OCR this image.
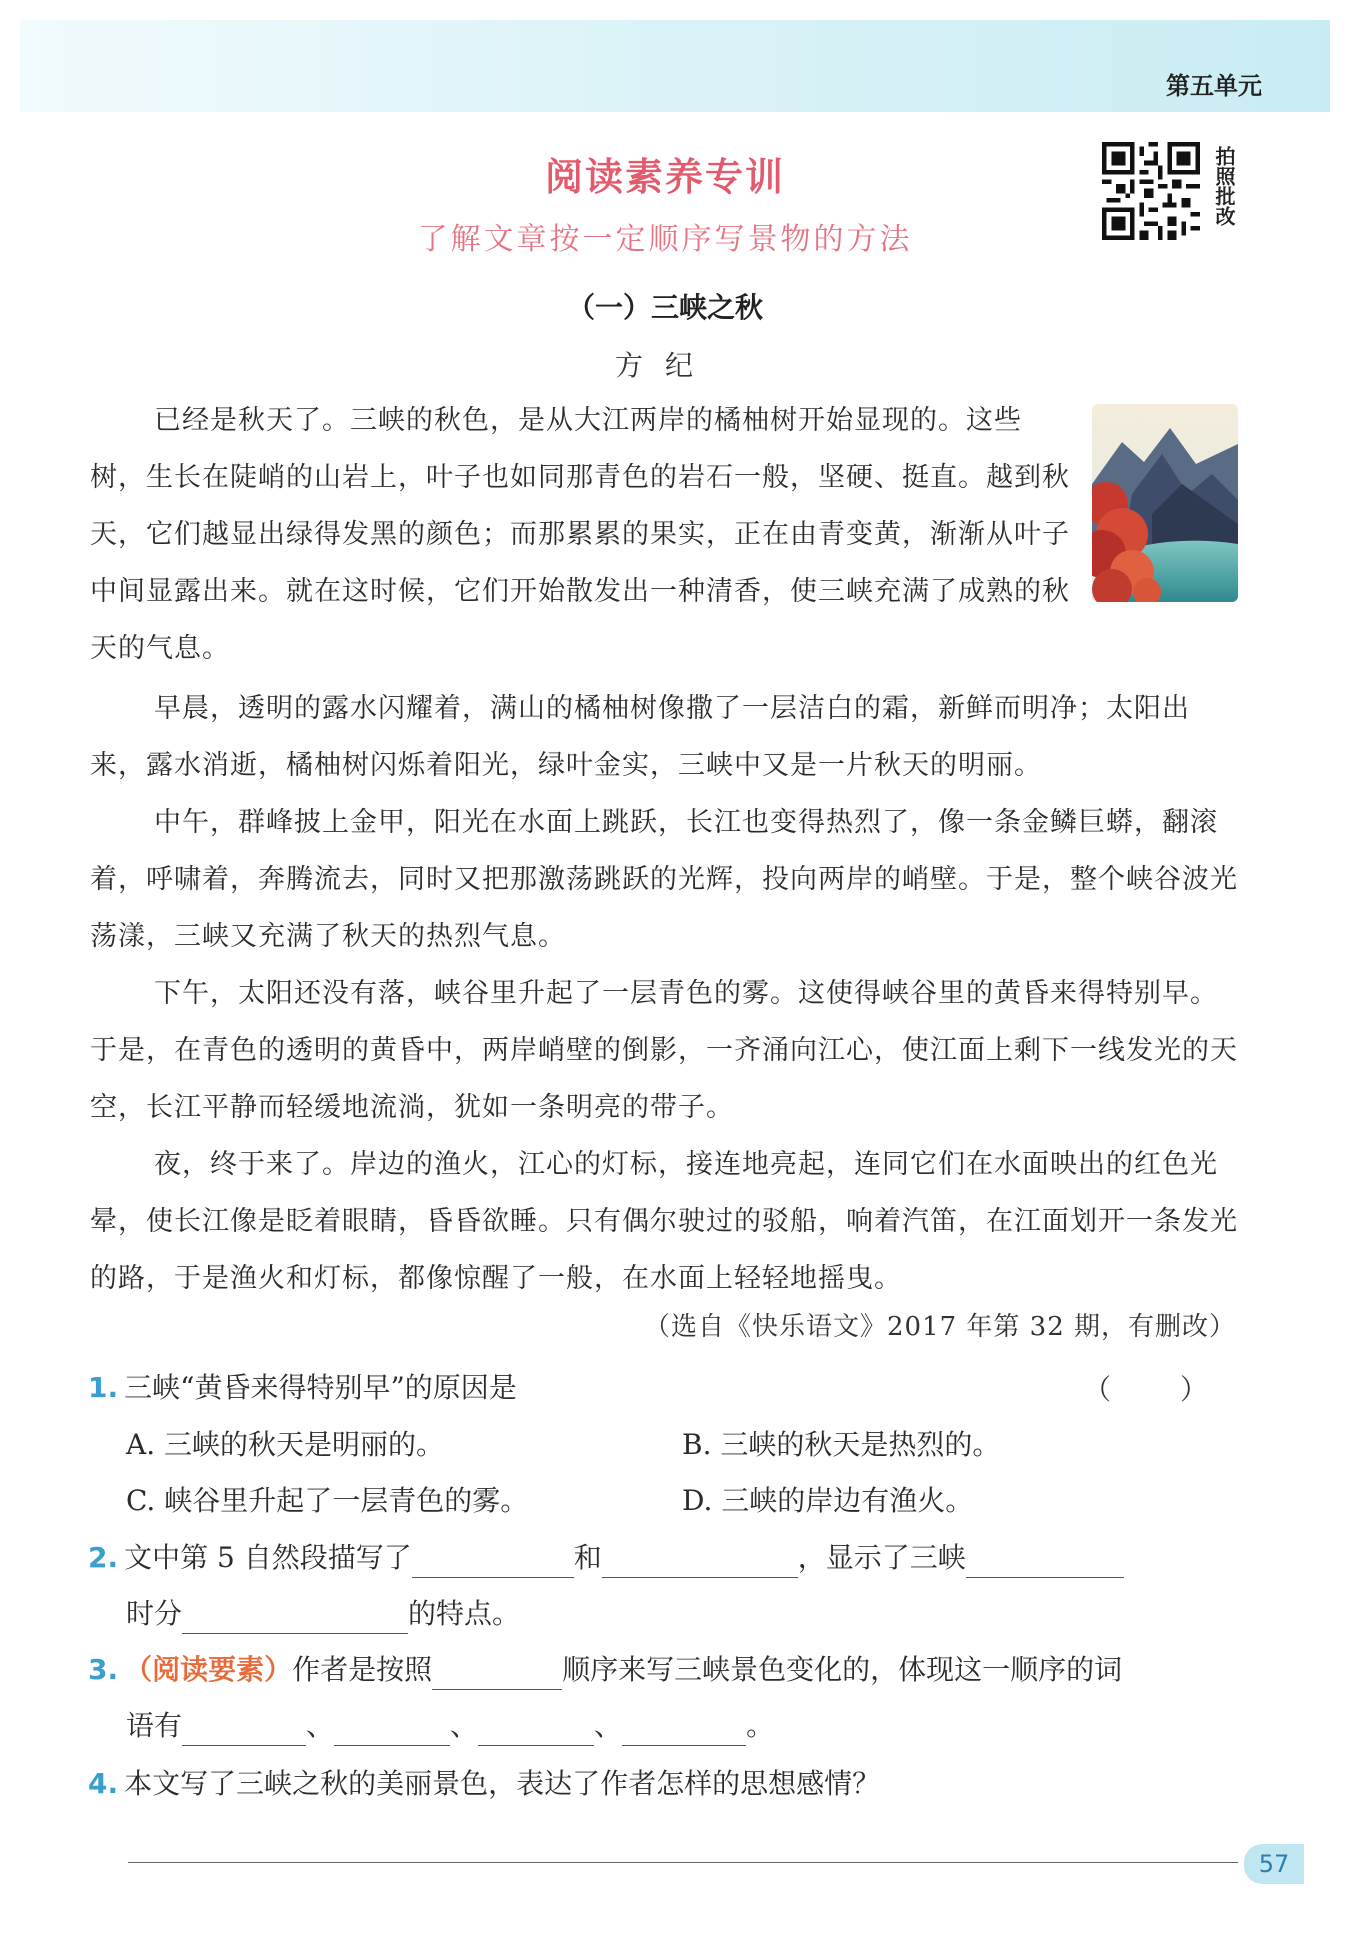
第五单元
阅读素养专训
了解文章按一定顺序写景物的方法
拍照批改
（一）三峡之秋
方纪

已经是秋天了。三峡的秋色，是从大江两岸的橘柚树开始显现的。这些树，生长在陡峭的山岩上，叶子也如同那青色的岩石一般，坚硬、挺直。越到秋天，它们越显出绿得发黑的颜色；而那累累的果实，正在由青变黄，渐渐从叶子中间显露出来。就在这时候，它们开始散发出一种清香，使三峡充满了成熟的秋天的气息。

早晨，透明的露水闪耀着，满山的橘柚树像撒了一层洁白的霜，新鲜而明净；太阳出来，露水消逝，橘柚树闪烁着阳光，绿叶金实，三峡中又是一片秋天的明丽。

中午，群峰披上金甲，阳光在水面上跳跃，长江也变得热烈了，像一条金鳞巨蟒，翻滚着，呼啸着，奔腾流去，同时又把那激荡跳跃的光辉，投向两岸的峭壁。于是，整个峡谷波光荡漾，三峡又充满了秋天的热烈气息。

下午，太阳还没有落，峡谷里升起了一层青色的雾。这使得峡谷里的黄昏来得特别早。于是，在青色的透明的黄昏中，两岸峭壁的倒影，一齐涌向江心，使江面上剩下一线发光的天空，长江平静而轻缓地流淌，犹如一条明亮的带子。

夜，终于来了。岸边的渔火，江心的灯标，接连地亮起，连同它们在水面映出的红色光晕，使长江像是眨着眼睛，昏昏欲睡。只有偶尔驶过的驳船，响着汽笛，在江面划开一条发光的路，于是渔火和灯标，都像惊醒了一般，在水面上轻轻地摇曳。

（选自《快乐语文》2017 年第 32 期，有删改）
1. 三峡“黄昏来得特别早”的原因是	（ ）
A. 三峡的秋天是明丽的。	B. 三峡的秋天是热烈的。
C. 峡谷里升起了一层青色的雾。	D. 三峡的岸边有渔火。
2. 文中第 5 自然段描写了	和	，显示了三峡
时分	的特点。
3. （阅读要素）作者是按照	顺序来写三峡景色变化的，体现这一顺序的词
语有	、	、	、	。
4. 本文写了三峡之秋的美丽景色，表达了作者怎样的思想感情？
57
